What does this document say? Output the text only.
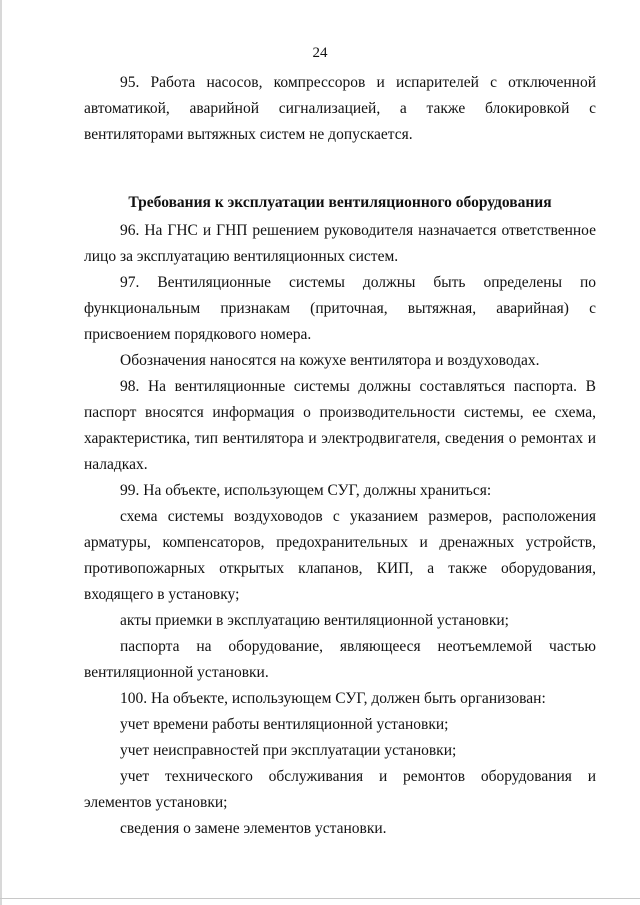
24

95. Работа насосов, компрессоров и испарителей с отключенной автоматикой, аварийной сигнализацией, а также блокировкой с вентиляторами вытяжных систем не допускается.

Требования к эксплуатации вентиляционного оборудования

96. На ГНС и ГНП решением руководителя назначается ответственное лицо за эксплуатацию вентиляционных систем.

97. Вентиляционные системы должны быть определены по функциональным признакам (приточная, вытяжная, аварийная) с присвоением порядкового номера.

Обозначения наносятся на кожухе вентилятора и воздуховодах.

98. На вентиляционные системы должны составляться паспорта. В паспорт вносятся информация о производительности системы, ее схема, характеристика, тип вентилятора и электродвигателя, сведения о ремонтах и наладках.

99. На объекте, использующем СУГ, должны храниться:

схема системы воздуховодов с указанием размеров, расположения арматуры, компенсаторов, предохранительных и дренажных устройств, противопожарных открытых клапанов, КИП, а также оборудования, входящего в установку;

акты приемки в эксплуатацию вентиляционной установки;

паспорта на оборудование, являющееся неотъемлемой частью вентиляционной установки.

100. На объекте, использующем СУГ, должен быть организован:

учет времени работы вентиляционной установки;

учет неисправностей при эксплуатации установки;

учет технического обслуживания и ремонтов оборудования и элементов установки;

сведения о замене элементов установки.
